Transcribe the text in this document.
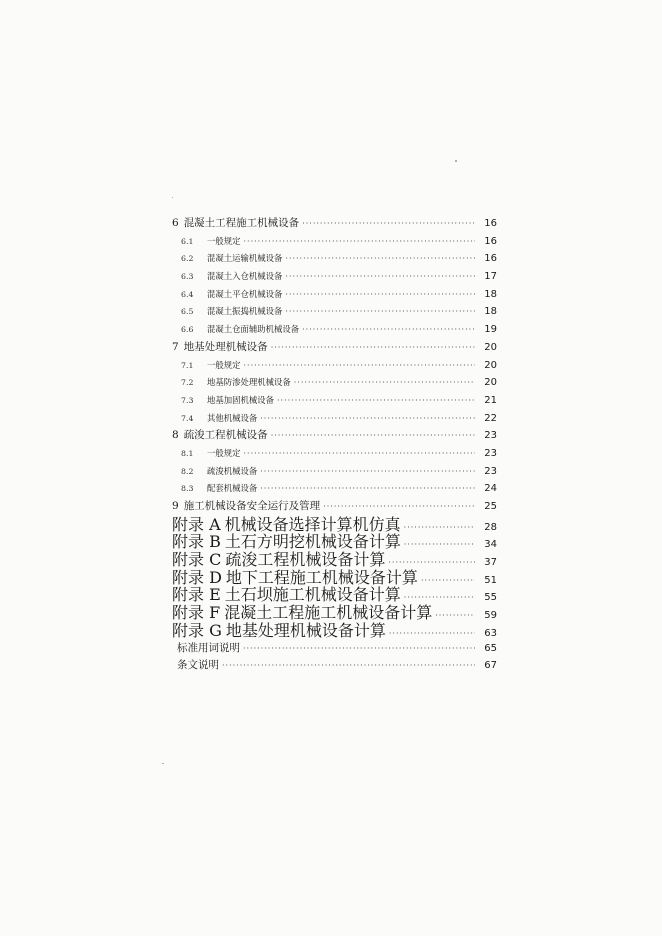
6 混凝土工程施工机械设备 ·····	16
6.1	一般规定 ·····	16
6.2	混凝土运输机械设备 ·····	16
6.3	混凝土入仓机械设备 ·····	17
6.4	混凝土平仓机械设备 ·····	18
6.5	混凝土振捣机械设备 ·····	18
6.6	混凝土仓面辅助机械设备 ·····	19
7 地基处理机械设备 ·····	20
7.1	一般规定 ·····	20
7.2	地基防渗处理机械设备 ·····	20
7.3	地基加固机械设备 ·····	21
7.4	其他机械设备 ·····	22
8 疏浚工程机械设备 ·····	23
8.1	一般规定 ·····	23
8.2	疏浚机械设备 ·····	23
8.3	配套机械设备 ·····	24
9 施工机械设备安全运行及管理 ·····	25
附录 A 机械设备选择计算机仿真 ·····	28
附录 B 土石方明挖机械设备计算 ·····	34
附录 C 疏浚工程机械设备计算 ·····	37
附录 D 地下工程施工机械设备计算 ·····	51
附录 E 土石坝施工机械设备计算 ·····	55
附录 F 混凝土工程施工机械设备计算 ·····	59
附录 G 地基处理机械设备计算 ·····	63
标准用词说明 ·····	65
条文说明 ·····	67
